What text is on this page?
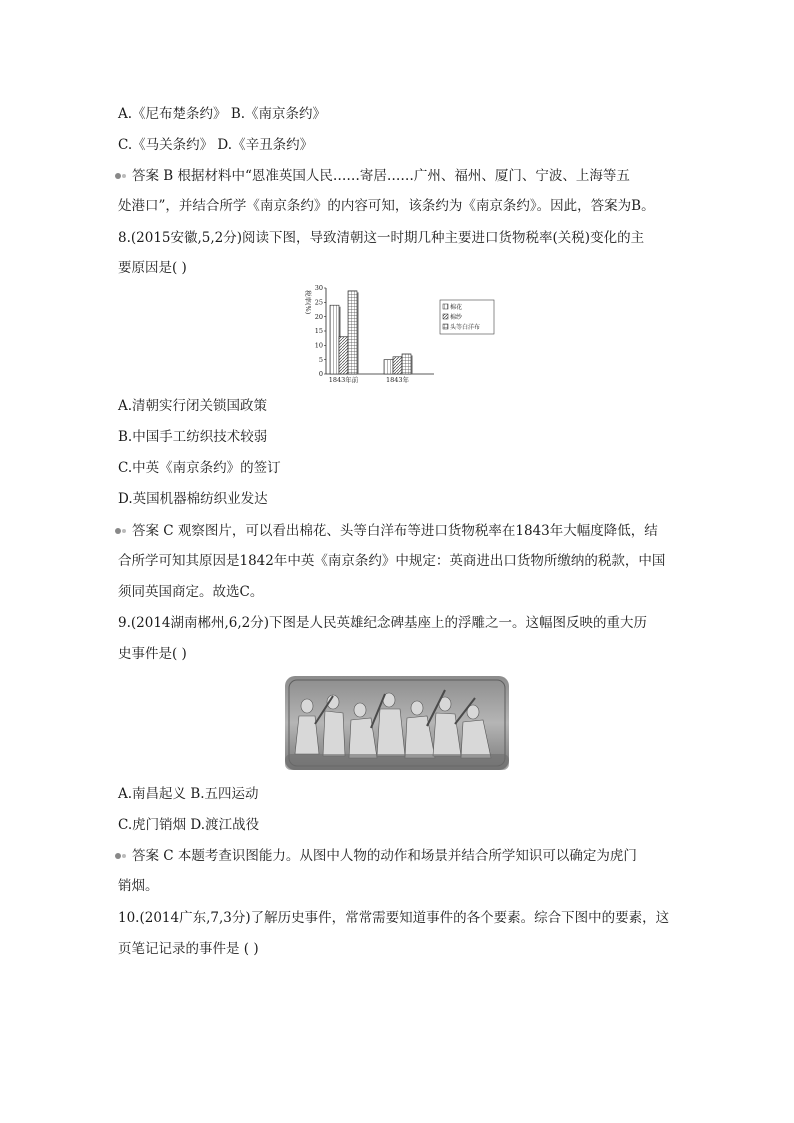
A.《尼布楚条约》 B.《南京条约》
C.《马关条约》 D.《辛丑条约》
答案 B 根据材料中“恩准英国人民……寄居……广州、福州、厦门、宁波、上海等五
处港口”，并结合所学《南京条约》的内容可知，该条约为《南京条约》。因此，答案为B。
8.(2015安徽,5,2分)阅读下图，导致清朝这一时期几种主要进口货物税率(关税)变化的主
要原因是( )
税率(%)
0
5
10
15
20
25
30
1843年前	1843年
棉花
棉纱
头等白洋布
A.清朝实行闭关锁国政策
B.中国手工纺织技术较弱
C.中英《南京条约》的签订
D.英国机器棉纺织业发达
答案 C 观察图片，可以看出棉花、头等白洋布等进口货物税率在1843年大幅度降低，结
合所学可知其原因是1842年中英《南京条约》中规定：英商进出口货物所缴纳的税款，中国
须同英国商定。故选C。
9.(2014湖南郴州,6,2分)下图是人民英雄纪念碑基座上的浮雕之一。这幅图反映的重大历
史事件是( )
A.南昌起义 B.五四运动
C.虎门销烟 D.渡江战役
答案 C 本题考查识图能力。从图中人物的动作和场景并结合所学知识可以确定为虎门
销烟。
10.(2014广东,7,3分)了解历史事件，常常需要知道事件的各个要素。综合下图中的要素，这
页笔记记录的事件是 ( )
